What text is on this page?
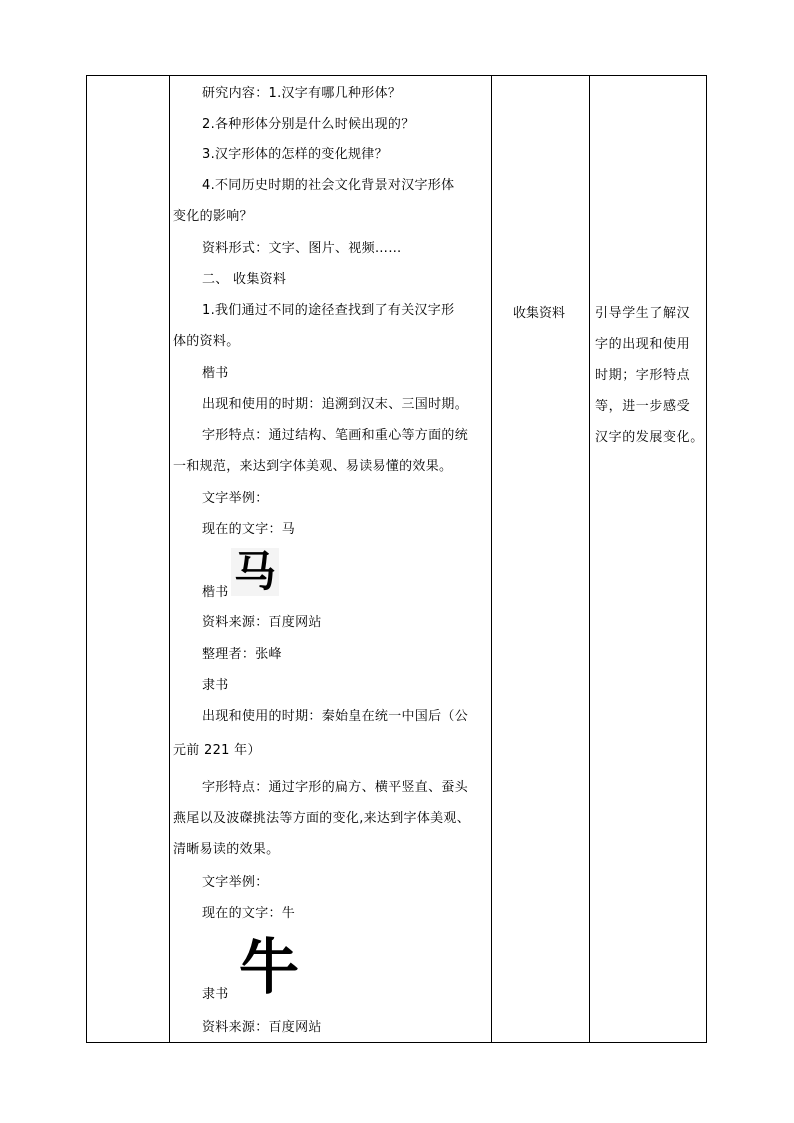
研究内容：1.汉字有哪几种形体？
2.各种形体分别是什么时候出现的？
3.汉字形体的怎样的变化规律？
4.不同历史时期的社会文化背景对汉字形体
变化的影响？
资料形式：文字、图片、视频……
二、 收集资料
1.我们通过不同的途径查找到了有关汉字形
体的资料。
楷书
出现和使用的时期：追溯到汉末、三国时期。
字形特点：通过结构、笔画和重心等方面的统
一和规范，来达到字体美观、易读易懂的效果。
文字举例：
现在的文字：马
楷书 马
资料来源：百度网站
整理者：张峰
隶书
出现和使用的时期：秦始皇在统一中国后（公
元前 221 年）
字形特点：通过字形的扁方、横平竖直、蚕头
燕尾以及波磔挑法等方面的变化,来达到字体美观、
清晰易读的效果。
文字举例：
现在的文字：牛
隶书 牛
资料来源：百度网站
收集资料	引导学生了解汉
字的出现和使用
时期；字形特点
等，进一步感受
汉字的发展变化。
